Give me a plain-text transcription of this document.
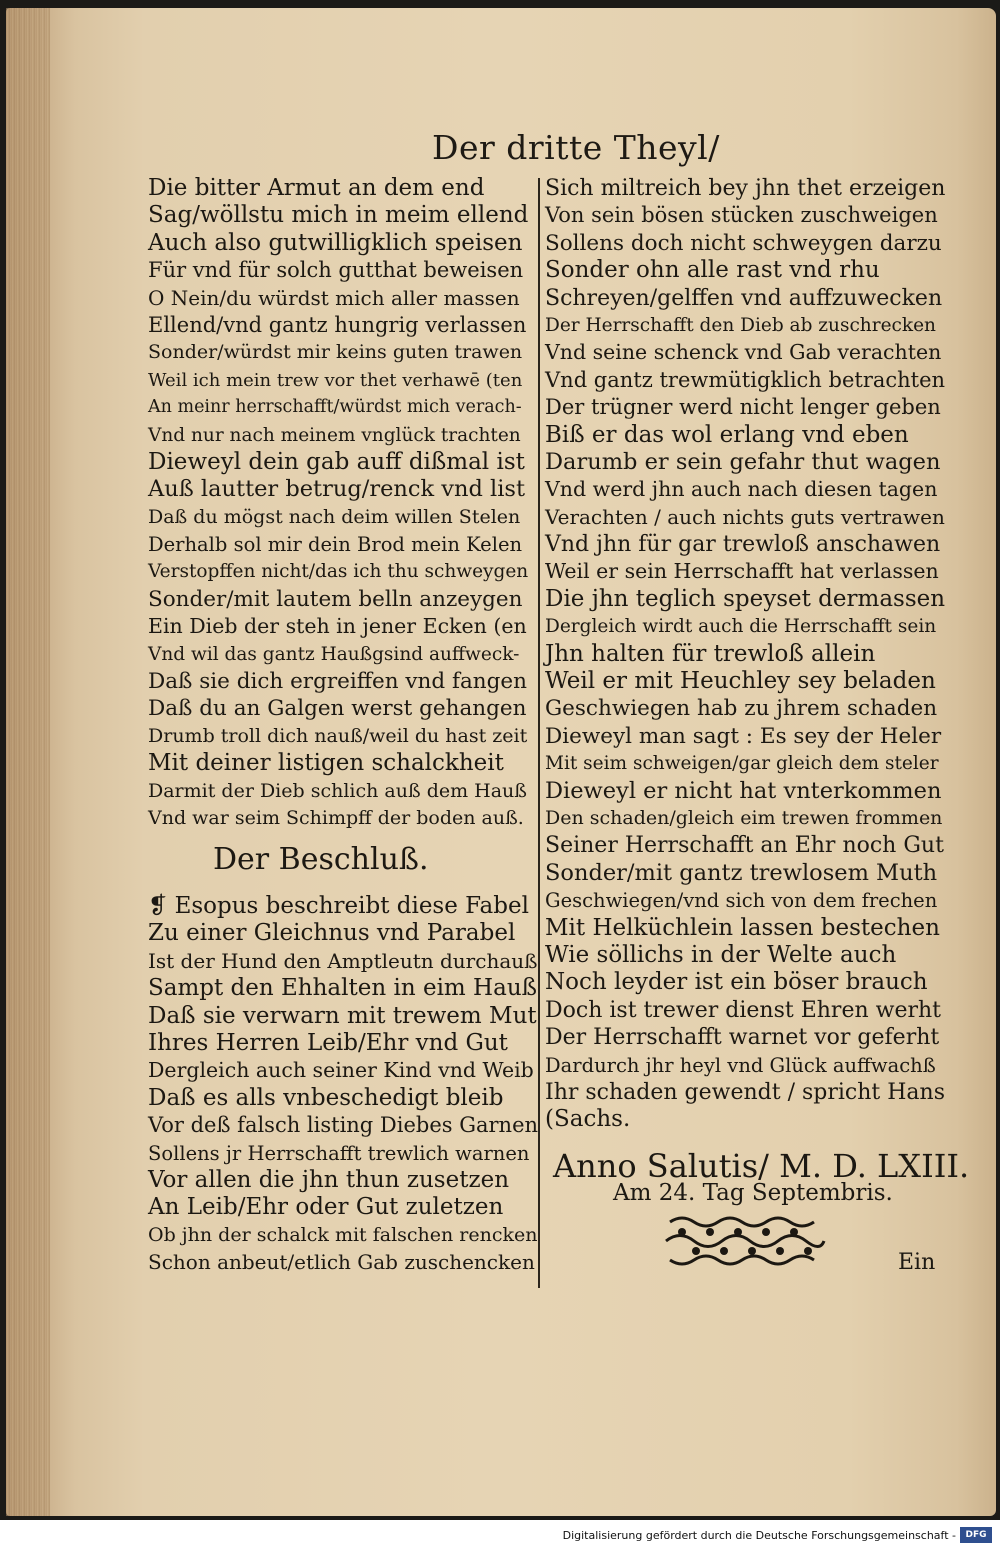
Der dritte Theyl/
Die bitter Armut an dem end
Sag/wöllstu mich in meim ellend
Auch also gutwilligklich speisen
Für vnd für solch gutthat beweisen
O Nein/du würdst mich aller massen
Ellend/vnd gantz hungrig verlassen
Sonder/würdst mir keins guten trawen
Weil ich mein trew vor thet verhawē (ten
An meinr herrschafft/würdst mich verach-
Vnd nur nach meinem vnglück trachten
Dieweyl dein gab auff dißmal ist
Auß lautter betrug/renck vnd list
Daß du mögst nach deim willen Stelen
Derhalb sol mir dein Brod mein Kelen
Verstopffen nicht/das ich thu schweygen
Sonder/mit lautem belln anzeygen
Ein Dieb der steh in jener Ecken (en
Vnd wil das gantz Haußgsind auffweck-
Daß sie dich ergreiffen vnd fangen
Daß du an Galgen werst gehangen
Drumb troll dich nauß/weil du hast zeit
Mit deiner listigen schalckheit
Darmit der Dieb schlich auß dem Hauß
Vnd war seim Schimpff der boden auß.
Der Beschluß.
❡ Esopus beschreibt diese Fabel
Zu einer Gleichnus vnd Parabel
Ist der Hund den Amptleutn durchauß
Sampt den Ehhalten in eim Hauß
Daß sie verwarn mit trewem Mut
Ihres Herren Leib/Ehr vnd Gut
Dergleich auch seiner Kind vnd Weib
Daß es alls vnbeschedigt bleib
Vor deß falsch listing Diebes Garnen
Sollens jr Herrschafft trewlich warnen
Vor allen die jhn thun zusetzen
An Leib/Ehr oder Gut zuletzen
Ob jhn der schalck mit falschen rencken
Schon anbeut/etlich Gab zuschencken
Sich miltreich bey jhn thet erzeigen
Von sein bösen stücken zuschweigen
Sollens doch nicht schweygen darzu
Sonder ohn alle rast vnd rhu
Schreyen/gelffen vnd auffzuwecken
Der Herrschafft den Dieb ab zuschrecken
Vnd seine schenck vnd Gab verachten
Vnd gantz trewmütigklich betrachten
Der trügner werd nicht lenger geben
Biß er das wol erlang vnd eben
Darumb er sein gefahr thut wagen
Vnd werd jhn auch nach diesen tagen
Verachten / auch nichts guts vertrawen
Vnd jhn für gar trewloß anschawen
Weil er sein Herrschafft hat verlassen
Die jhn teglich speyset dermassen
Dergleich wirdt auch die Herrschafft sein
Jhn halten für trewloß allein
Weil er mit Heuchley sey beladen
Geschwiegen hab zu jhrem schaden
Dieweyl man sagt : Es sey der Heler
Mit seim schweigen/gar gleich dem steler
Dieweyl er nicht hat vnterkommen
Den schaden/gleich eim trewen frommen
Seiner Herrschafft an Ehr noch Gut
Sonder/mit gantz trewlosem Muth
Geschwiegen/vnd sich von dem frechen
Mit Helküchlein lassen bestechen
Wie söllichs in der Welte auch
Noch leyder ist ein böser brauch
Doch ist trewer dienst Ehren werht
Der Herrschafft warnet vor geferht
Dardurch jhr heyl vnd Glück auffwachß
Ihr schaden gewendt / spricht Hans
(Sachs.
Anno Salutis/ M. D. LXIII.
Am 24. Tag Septembris.
Ein
Digitalisierung gefördert durch die Deutsche Forschungsgemeinschaft -	DFG
